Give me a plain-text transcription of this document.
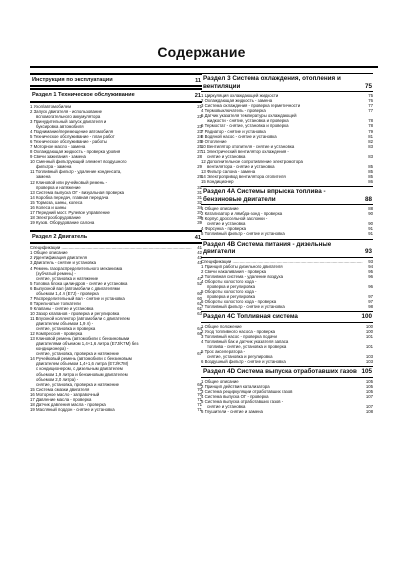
Содержание
Инструкция по эксплуатации	11
Раздел 1 Техническое обслуживание	21
1 Ухоп/автомобилем	21
2 Запуск двигателя - использование
вспомогательного аккумулятора	22
3 Принудительный запуск двигателя и
буксировка автомобиля	23
4 Поднимание/перемещение автомобиля	23
5 Техническое обслуживание - план работ	24
6 Техническое обслуживание - работы	25
7 Моторное масло - замена	25
8 Охлаждающая жидкость - проверка уровня	27
9 Свечи зажигания - замена	28
10 Сменный фильтрующий элемент воздушного
фильтра - замена	29
11 Топливный фильтр - удаление конденсата,
замена	29
12 Клиновой или ручейковый ремень -
проверка и натяжение	31
13 Система выпуска ОГ - визуальная проверка	31
14 Коробка передач, главная передача	31
15 Тормоза, шины, колеса	32
16 Колеса и шины	34
17 Передний мост. Рулевое управление	37
18 Электрооборудование	38
19 Кузов. Оборудование салона	39
Раздел 2 Двигатель	41
Спецификации .....	41
1 Общее описание	42
2 Идентификация двигателя	43
3 Двигатель - снятие и установка	43
4 Ремень газораспределительного механизма
(зубчатый ремень) -
снятие, установка и натяжение	47
5 Головка блока цилиндров - снятие и установка	52
6 Выпускной вал (автомобили с двигателями
объемом 1,4 л (E7J) - проверка	60
7 Распределительный вал - снятие и установка	60
8 Тарельчатые толкатели	61
9 Клапаны - снятие и установка	61
10 Зазор клапанов - проверка и регулировка	63
11 Впускной коллектор (автомобили с двигателем
двигателем объемом 1,9 л) -
снятие, установка и проверка	64
12 Компрессия - проверка	66
13 Клиновой ремень (автомобили с бензиновыми
двигателями объемом 1,4+1,6 литра (E7J/K7M) без
кондиционера) -
снятие, установка, проверка и натяжение	67
14 Ручейковый ремень (автомобили с бензиновым
двигателем объемом 1,4+1,6 литра (E7J/K7M)
с кондиционером, с дизельным двигателем
объемом 1,9 литра и бензиновым двигателем
объемом 2,0 литра) -
снятие, установка, проверка и натяжение	68
15 Система смазки двигателя	70
16 Моторное масло - заправочный	70
17 Давление масла - проверка	71
18 Датчик давления масла - проверка	71
19 Масляный поддон - снятие и установка	71
Раздел 3 Система охлаждения, отопления и вентиляции	75
1 Циркуляция охлаждающей жидкости	75
2 Охлаждающая жидкость - замена	76
3 Система охлаждения - проверка герметичности	77
4 Термовыключатель - проверка	77
5 Датчик указателя температуры охлаждающей
жидкости - снятие, установка и проверка	78
6 Термостат - снятие, установка и проверка	78
7 Радиатор - снятие и установка	79
8 Водяной насос - снятие и установка	81
9 Отопление	82
10 Вентилятор отопителя - снятие и установка	83
11 Электрический вентилятор охлаждения -
снятие и установка	83
12 Дополнительное сопротивление электромотора
вентилятора - снятие и установка	85
13 Фильтр салона - замена	85
14 Электропривод вентилятора отопителя	85
15 Кондиционер	86
Раздел 4А Системы впрыска топлива - бензиновые двигатели	88
1 Общее описание	88
2 Катализатор и лямбда-зонд - проверка	90
3 Корпус дроссельной заслонки -
снятие и установка	90
4 Форсунка - проверка	91
5 Топливный фильтр - снятие и установка	91
Раздел 4В Система питания - дизельные двигатели	93
Спецификации .....	93
1 Принцип работы дизельного двигателя	94
2 Свечи накаливания - проверка	95
3 Топливная система - удаление воздуха	96
4 Обороты холостого хода -
проверка и регулировка	96
5 Обороты холостого хода -
проверка и регулировка	97
6 Обороты холостого хода - проверка	97
7 Топливный фильтр - снятие и установка	98
Раздел 4С Топливная система	100
1 Общее положение	100
2 Уход топливного насоса - проверка	100
3 Топливный насос - проверка подачи	101
4 Топливный бак и датчик указателя запаса
топлива - снятие, установка и проверка	101
5 Трос акселератора -
снятие, установка и регулировка	103
6 Воздушный фильтр - снятие и установка	103
Раздел 4D Система выпуска отработавших газов 105
1 Общее описание	105
2 Принцип действия катализатора	105
3 Система рециркуляции отработавших газов	105
4 Система выпуска ОГ - проверка	107
5 Система выпуска отработавших газов -
снятие и установка	107
6 Глушители - снятие и замена	108
